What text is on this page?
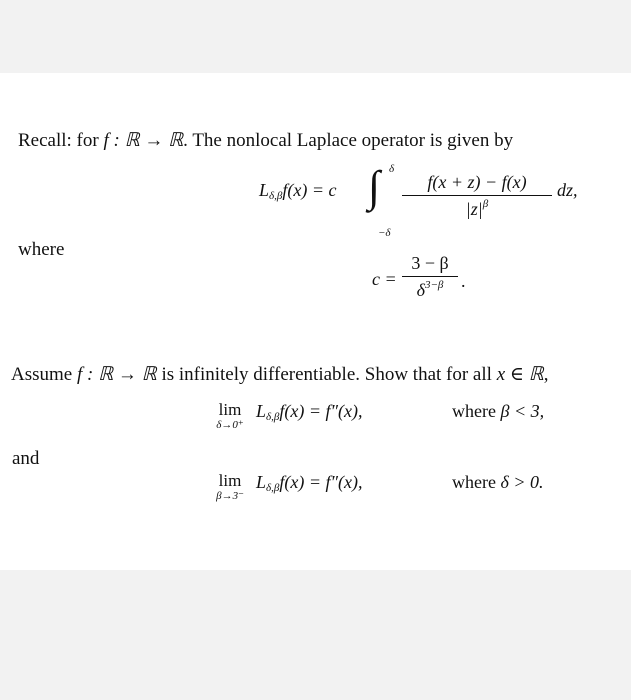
Recall: for f : ℝ → ℝ. The nonlocal Laplace operator is given by
$L_{\delta,\beta}f(x) = c$ ∫ δ
−δ
f(x + z) − f(x)
$|z|^\beta$
dz,
where
c =
3 − β
$\delta^{3-\beta}$ .
Assume f : ℝ → ℝ is infinitely differentiable. Show that for all x ∈ ℝ,
lim
δ→0⁺
$L_{\delta,\beta}f(x) = f''(x)$,	where β < 3,
and
lim
β→3⁻
$L_{\delta,\beta}f(x) = f''(x)$,	where δ > 0.
